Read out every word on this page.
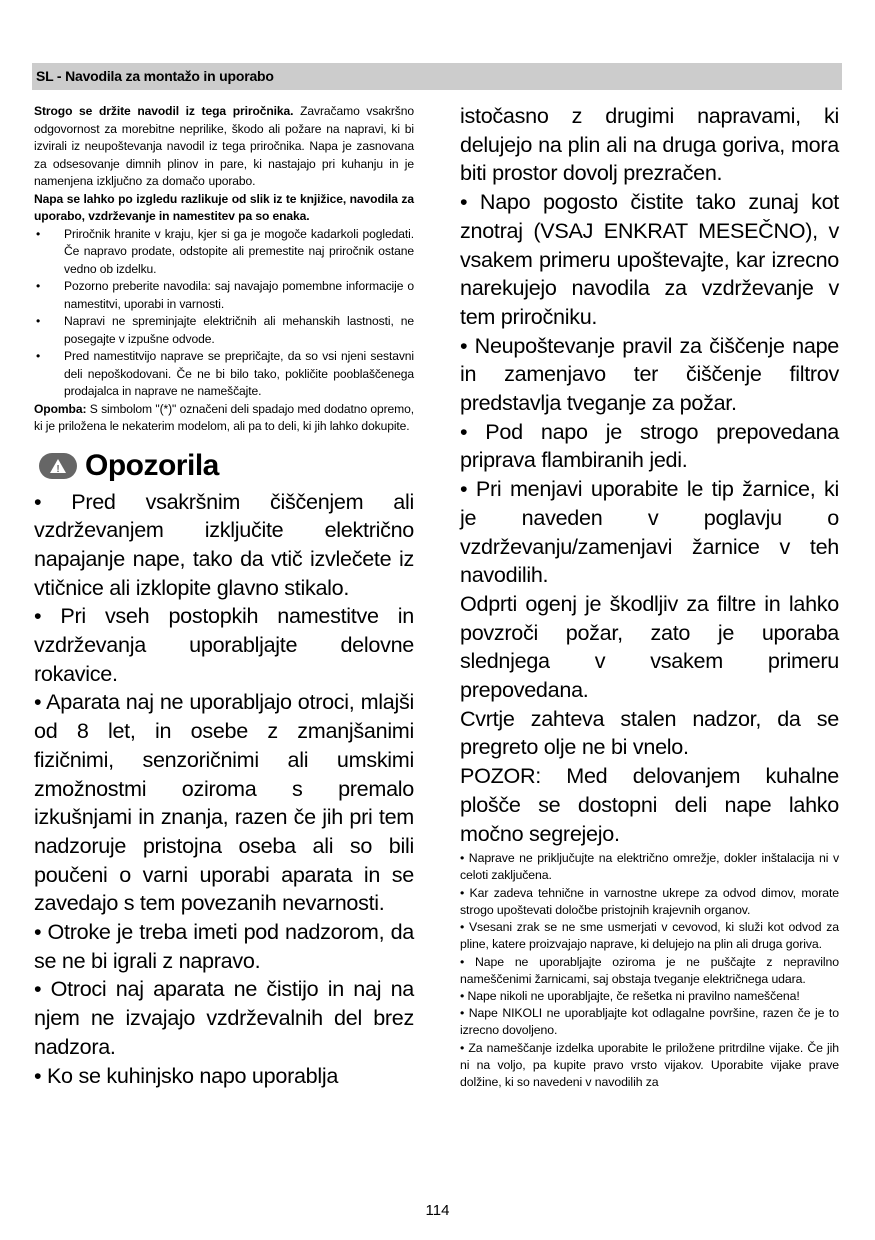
SL - Navodila za montažo in uporabo

Strogo se držite navodil iz tega priročnika. Zavračamo vsakršno odgovornost za morebitne neprilike, škodo ali požare na napravi, ki bi izvirali iz neupoštevanja navodil iz tega priročnika. Napa je zasnovana za odsesovanje dimnih plinov in pare, ki nastajajo pri kuhanju in je namenjena izključno za domačo uporabo.

Napa se lahko po izgledu razlikuje od slik iz te knjižice, navodila za uporabo, vzdrževanje in namestitev pa so enaka.

• Priročnik hranite v kraju, kjer si ga je mogoče kadarkoli pogledati. Če napravo prodate, odstopite ali premestite naj priročnik ostane vedno ob izdelku.
• Pozorno preberite navodila: saj navajajo pomembne informacije o namestitvi, uporabi in varnosti.
• Napravi ne spreminjajte električnih ali mehanskih lastnosti, ne posegajte v izpušne odvode.
• Pred namestitvijo naprave se prepričajte, da so vsi njeni sestavni deli nepoškodovani. Če ne bi bilo tako, pokličite pooblaščenega prodajalca in naprave ne nameščajte.

Opomba: S simbolom "(*)" označeni deli spadajo med dodatno opremo, ki je priložena le nekaterim modelom, ali pa to deli, ki jih lahko dokupite.

! Opozorila

• Pred vsakršnim čiščenjem ali vzdrževanjem izključite električno napajanje nape, tako da vtič izvlečete iz vtičnice ali izklopite glavno stikalo.

• Pri vseh postopkih namestitve in vzdrževanja uporabljajte delovne rokavice.

• Aparata naj ne uporabljajo otroci, mlajši od 8 let, in osebe z zmanjšanimi fizičnimi, senzoričnimi ali umskimi zmožnostmi oziroma s premalo izkušnjami in znanja, razen če jih pri tem nadzoruje pristojna oseba ali so bili poučeni o varni uporabi aparata in se zavedajo s tem povezanih nevarnosti.

• Otroke je treba imeti pod nadzorom, da se ne bi igrali z napravo.

• Otroci naj aparata ne čistijo in naj na njem ne izvajajo vzdrževalnih del brez nadzora.

• Ko se kuhinjsko napo uporablja

istočasno z drugimi napravami, ki delujejo na plin ali na druga goriva, mora biti prostor dovolj prezračen.

• Napo pogosto čistite tako zunaj kot znotraj (VSAJ ENKRAT MESEČNO), v vsakem primeru upoštevajte, kar izrecno narekujejo navodila za vzdrževanje v tem priročniku.

• Neupoštevanje pravil za čiščenje nape in zamenjavo ter čiščenje filtrov predstavlja tveganje za požar.

• Pod napo je strogo prepovedana priprava flambiranih jedi.

• Pri menjavi uporabite le tip žarnice, ki je naveden v poglavju o vzdrževanju/zamenjavi žarnice v teh navodilih.

Odprti ogenj je škodljiv za filtre in lahko povzroči požar, zato je uporaba slednjega v vsakem primeru prepovedana.

Cvrtje zahteva stalen nadzor, da se pregreto olje ne bi vnelo.

POZOR: Med delovanjem kuhalne plošče se dostopni deli nape lahko močno segrejejo.

• Naprave ne priključujte na električno omrežje, dokler inštalacija ni v celoti zaključena.

• Kar zadeva tehnične in varnostne ukrepe za odvod dimov, morate strogo upoštevati določbe pristojnih krajevnih organov.

• Vsesani zrak se ne sme usmerjati v cevovod, ki služi kot odvod za pline, katere proizvajajo naprave, ki delujejo na plin ali druga goriva.

• Nape ne uporabljajte oziroma je ne puščajte z nepravilno nameščenimi žarnicami, saj obstaja tveganje električnega udara.

• Nape nikoli ne uporabljajte, če rešetka ni pravilno nameščena!

• Nape NIKOLI ne uporabljajte kot odlagalne površine, razen če je to izrecno dovoljeno.

• Za nameščanje izdelka uporabite le priložene pritrdilne vijake. Če jih ni na voljo, pa kupite pravo vrsto vijakov. Uporabite vijake prave dolžine, ki so navedeni v navodilih za

114
